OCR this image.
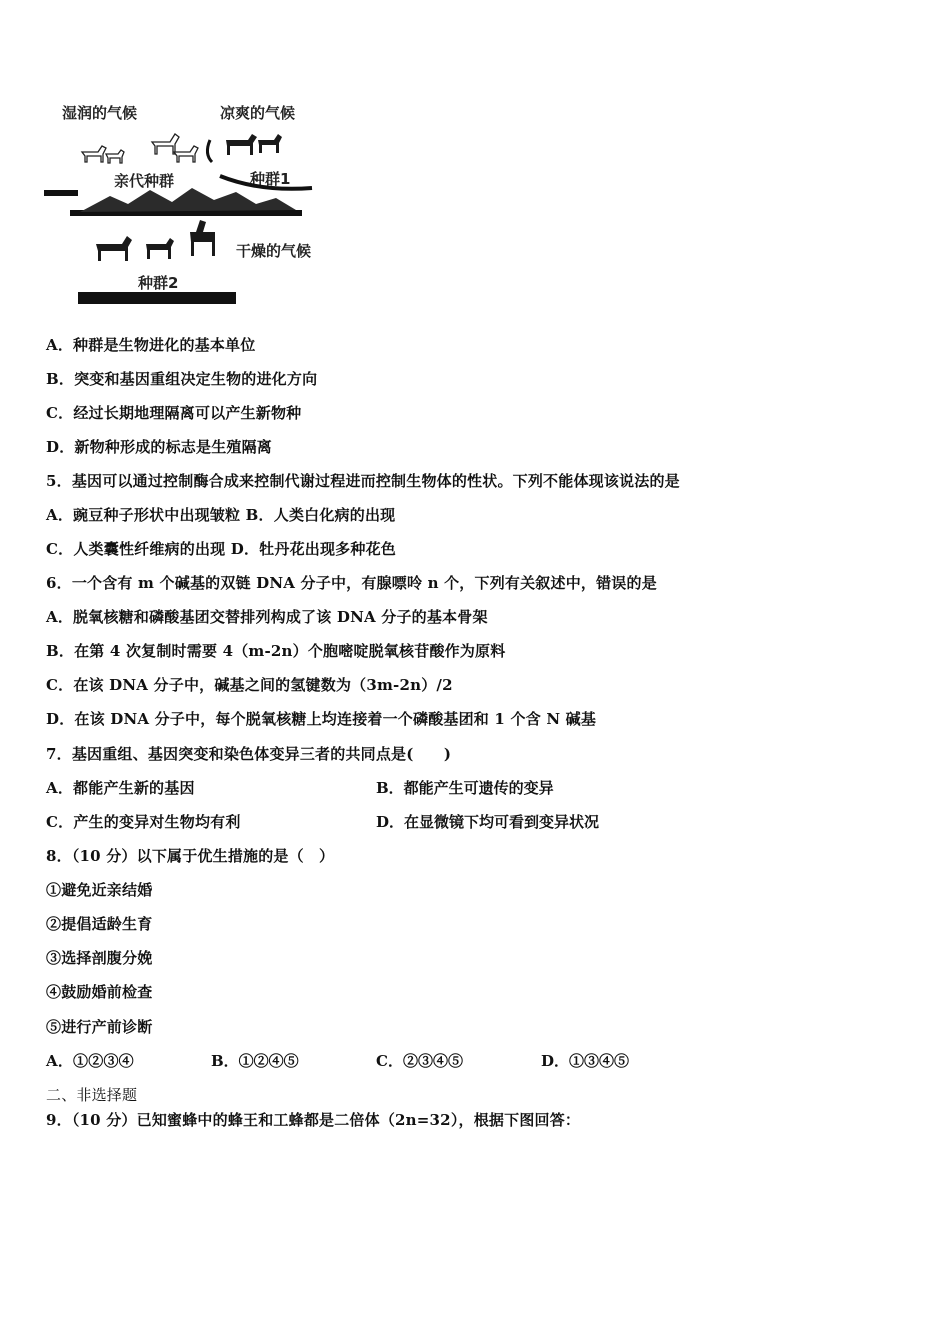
湿润的气候	凉爽的气候
亲代种群	种群1
干燥的气候
种群2
A．种群是生物进化的基本单位
B．突变和基因重组决定生物的进化方向
C．经过长期地理隔离可以产生新物种
D．新物种形成的标志是生殖隔离
5．基因可以通过控制酶合成来控制代谢过程进而控制生物体的性状。下列不能体现该说法的是
A．豌豆种子形状中出现皱粒 B．人类白化病的出现
C．人类囊性纤维病的出现 D．牡丹花出现多种花色
6．一个含有 m 个碱基的双链 DNA 分子中，有腺嘌呤 n 个，下列有关叙述中，错误的是
A．脱氧核糖和磷酸基团交替排列构成了该 DNA 分子的基本骨架
B．在第 4 次复制时需要 4（m-2n）个胞嘧啶脱氧核苷酸作为原料
C．在该 DNA 分子中，碱基之间的氢键数为（3m-2n）/2
D．在该 DNA 分子中，每个脱氧核糖上均连接着一个磷酸基团和 1 个含 N 碱基
7．基因重组、基因突变和染色体变异三者的共同点是(　　)
A．都能产生新的基因	B．都能产生可遗传的变异
C．产生的变异对生物均有利	D．在显微镜下均可看到变异状况
8．（10 分）以下属于优生措施的是（　）
①避免近亲结婚
②提倡适龄生育
③选择剖腹分娩
④鼓励婚前检查
⑤进行产前诊断
A．①②③④	B．①②④⑤	C．②③④⑤	D．①③④⑤
二、非选择题
9．（10 分）已知蜜蜂中的蜂王和工蜂都是二倍体（2n=32），根据下图回答：
